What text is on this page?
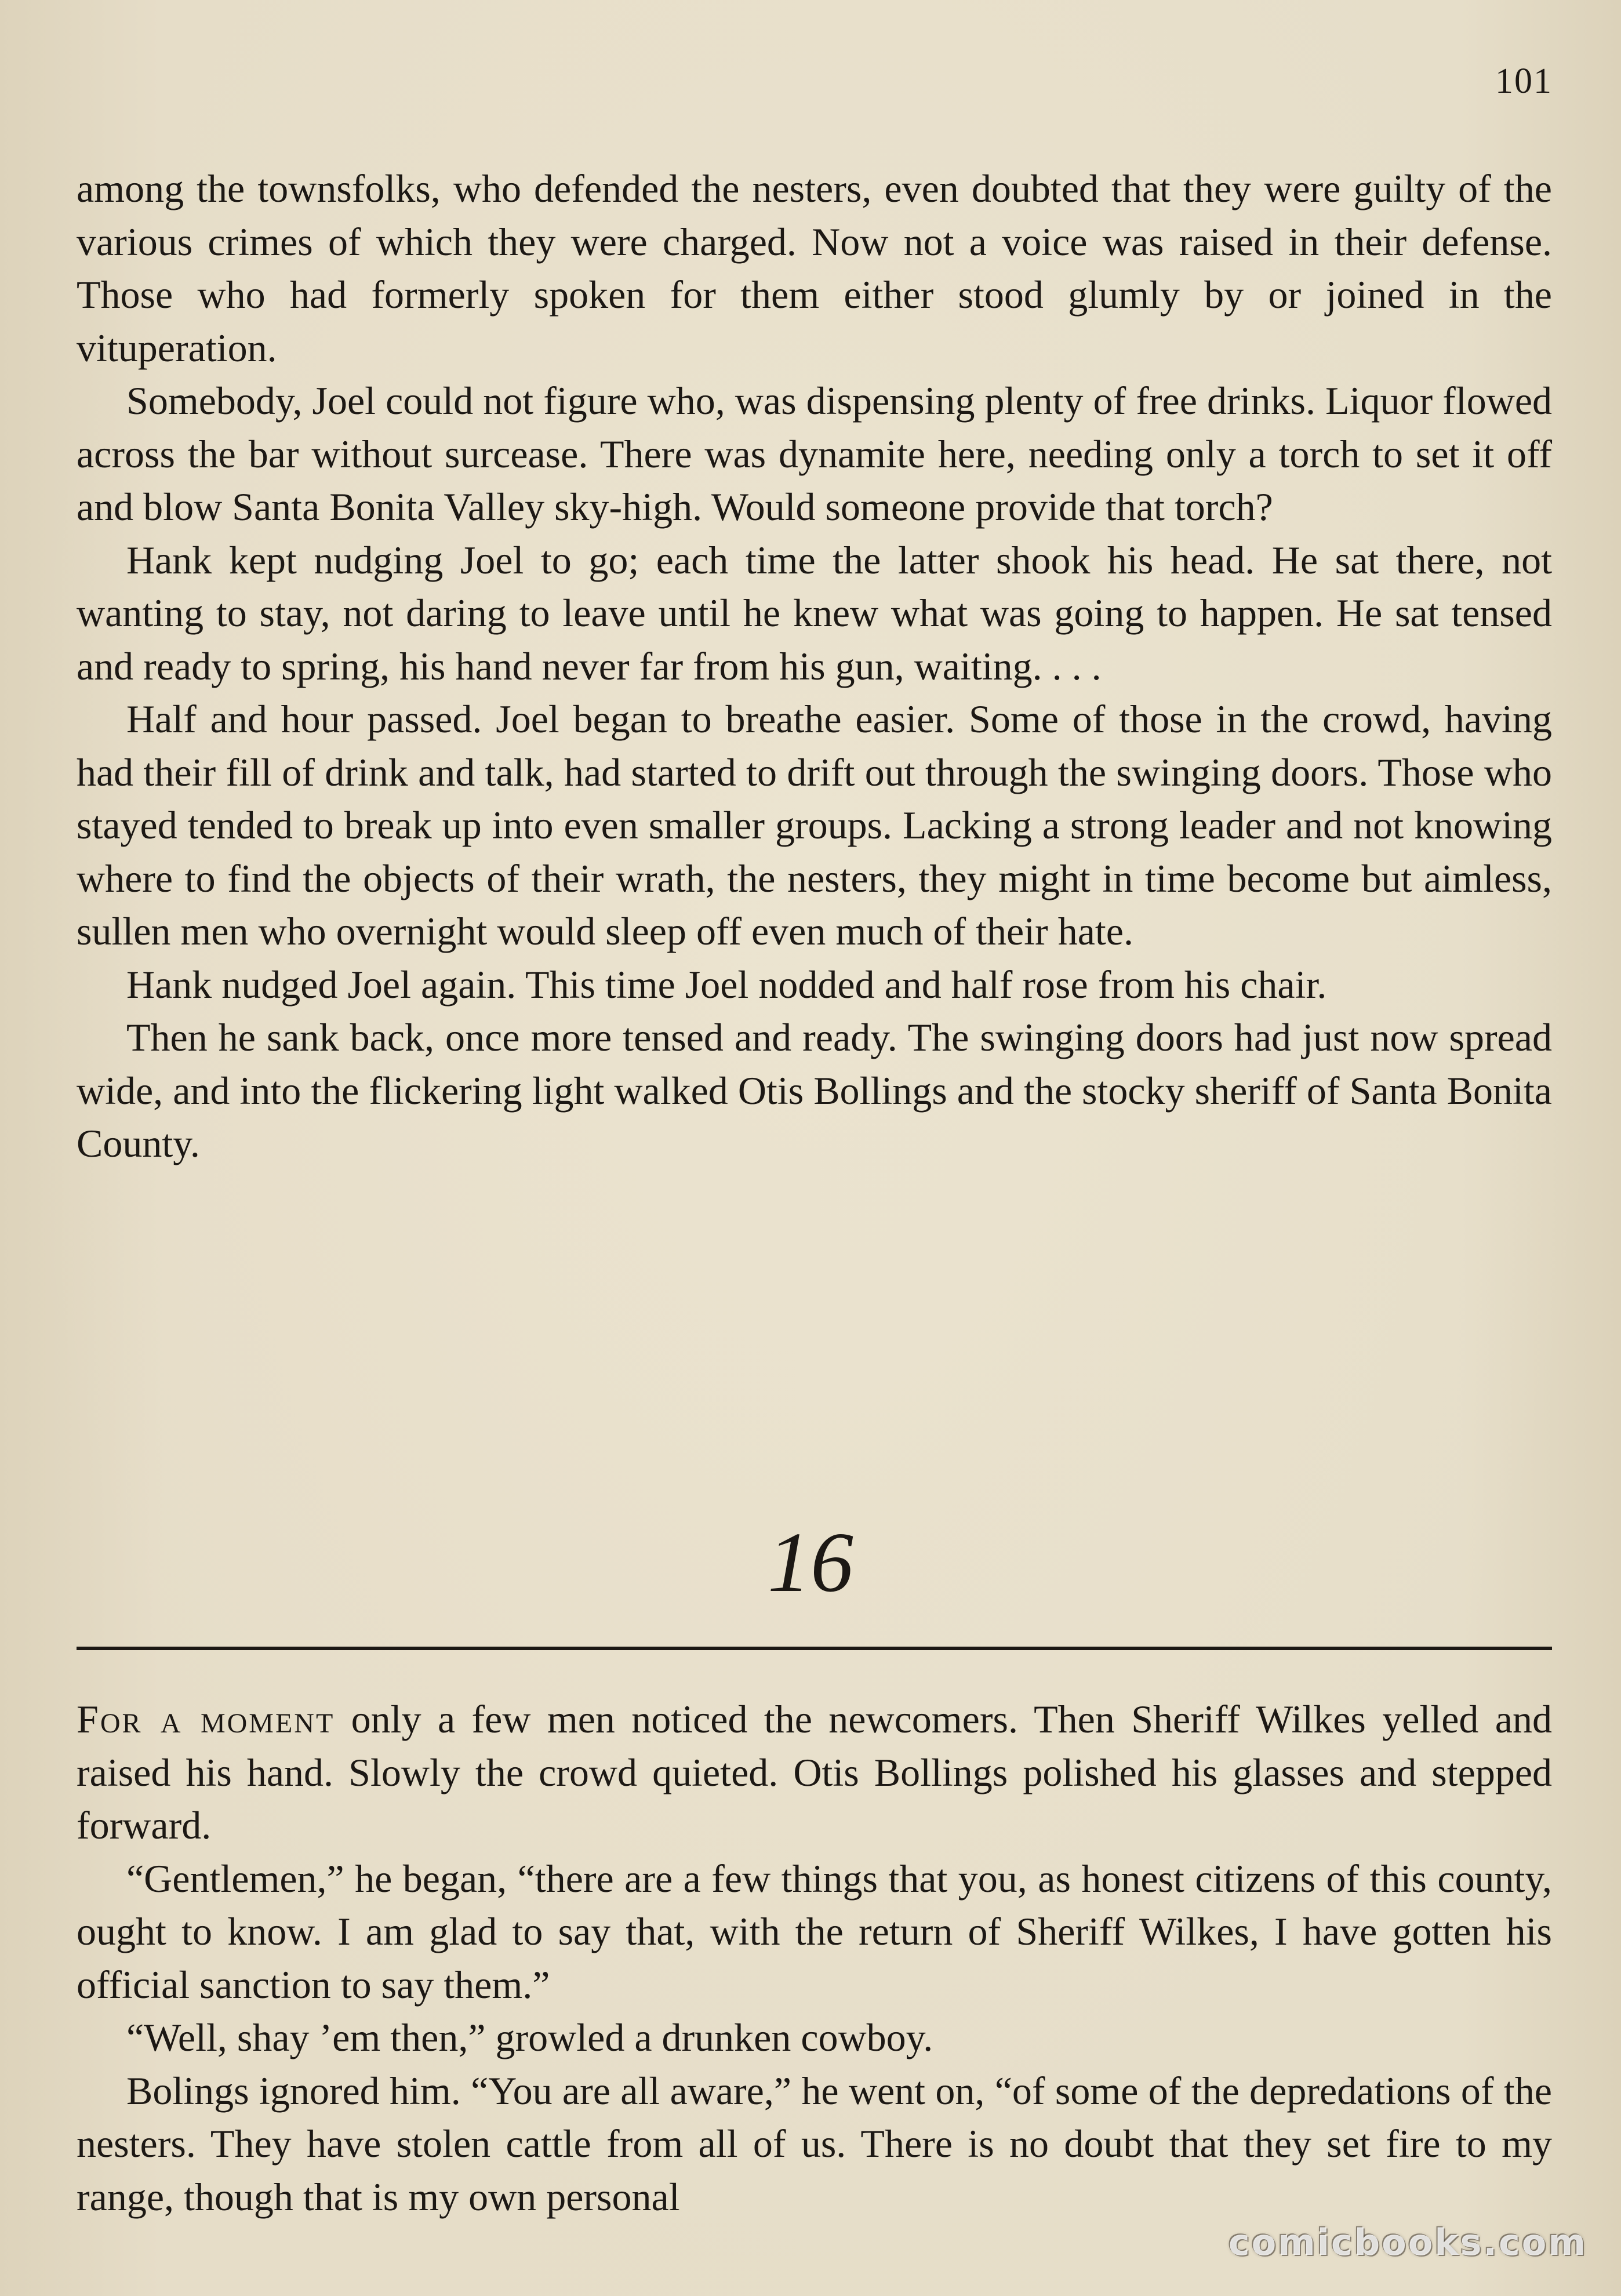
101

among the townsfolks, who defended the nesters, even doubted that they were guilty of the various crimes of which they were charged. Now not a voice was raised in their defense. Those who had formerly spoken for them either stood glumly by or joined in the vituperation.

Somebody, Joel could not figure who, was dispensing plenty of free drinks. Liquor flowed across the bar without surcease. There was dynamite here, needing only a torch to set it off and blow Santa Bonita Valley sky-high. Would someone provide that torch?

Hank kept nudging Joel to go; each time the latter shook his head. He sat there, not wanting to stay, not daring to leave until he knew what was going to happen. He sat tensed and ready to spring, his hand never far from his gun, waiting. . . .

Half and hour passed. Joel began to breathe easier. Some of those in the crowd, having had their fill of drink and talk, had started to drift out through the swinging doors. Those who stayed tended to break up into even smaller groups. Lacking a strong leader and not knowing where to find the objects of their wrath, the nesters, they might in time become but aimless, sullen men who overnight would sleep off even much of their hate.

Hank nudged Joel again. This time Joel nodded and half rose from his chair.

Then he sank back, once more tensed and ready. The swinging doors had just now spread wide, and into the flickering light walked Otis Bollings and the stocky sheriff of Santa Bonita County.

16

For a moment only a few men noticed the newcomers. Then Sheriff Wilkes yelled and raised his hand. Slowly the crowd quieted. Otis Bollings polished his glasses and stepped forward.

“Gentlemen,” he began, “there are a few things that you, as honest citizens of this county, ought to know. I am glad to say that, with the return of Sheriff Wilkes, I have gotten his official sanction to say them.”

“Well, shay ’em then,” growled a drunken cowboy.

Bolings ignored him. “You are all aware,” he went on, “of some of the depredations of the nesters. They have stolen cattle from all of us. There is no doubt that they set fire to my range, though that is my own personal

comicbooks.com
